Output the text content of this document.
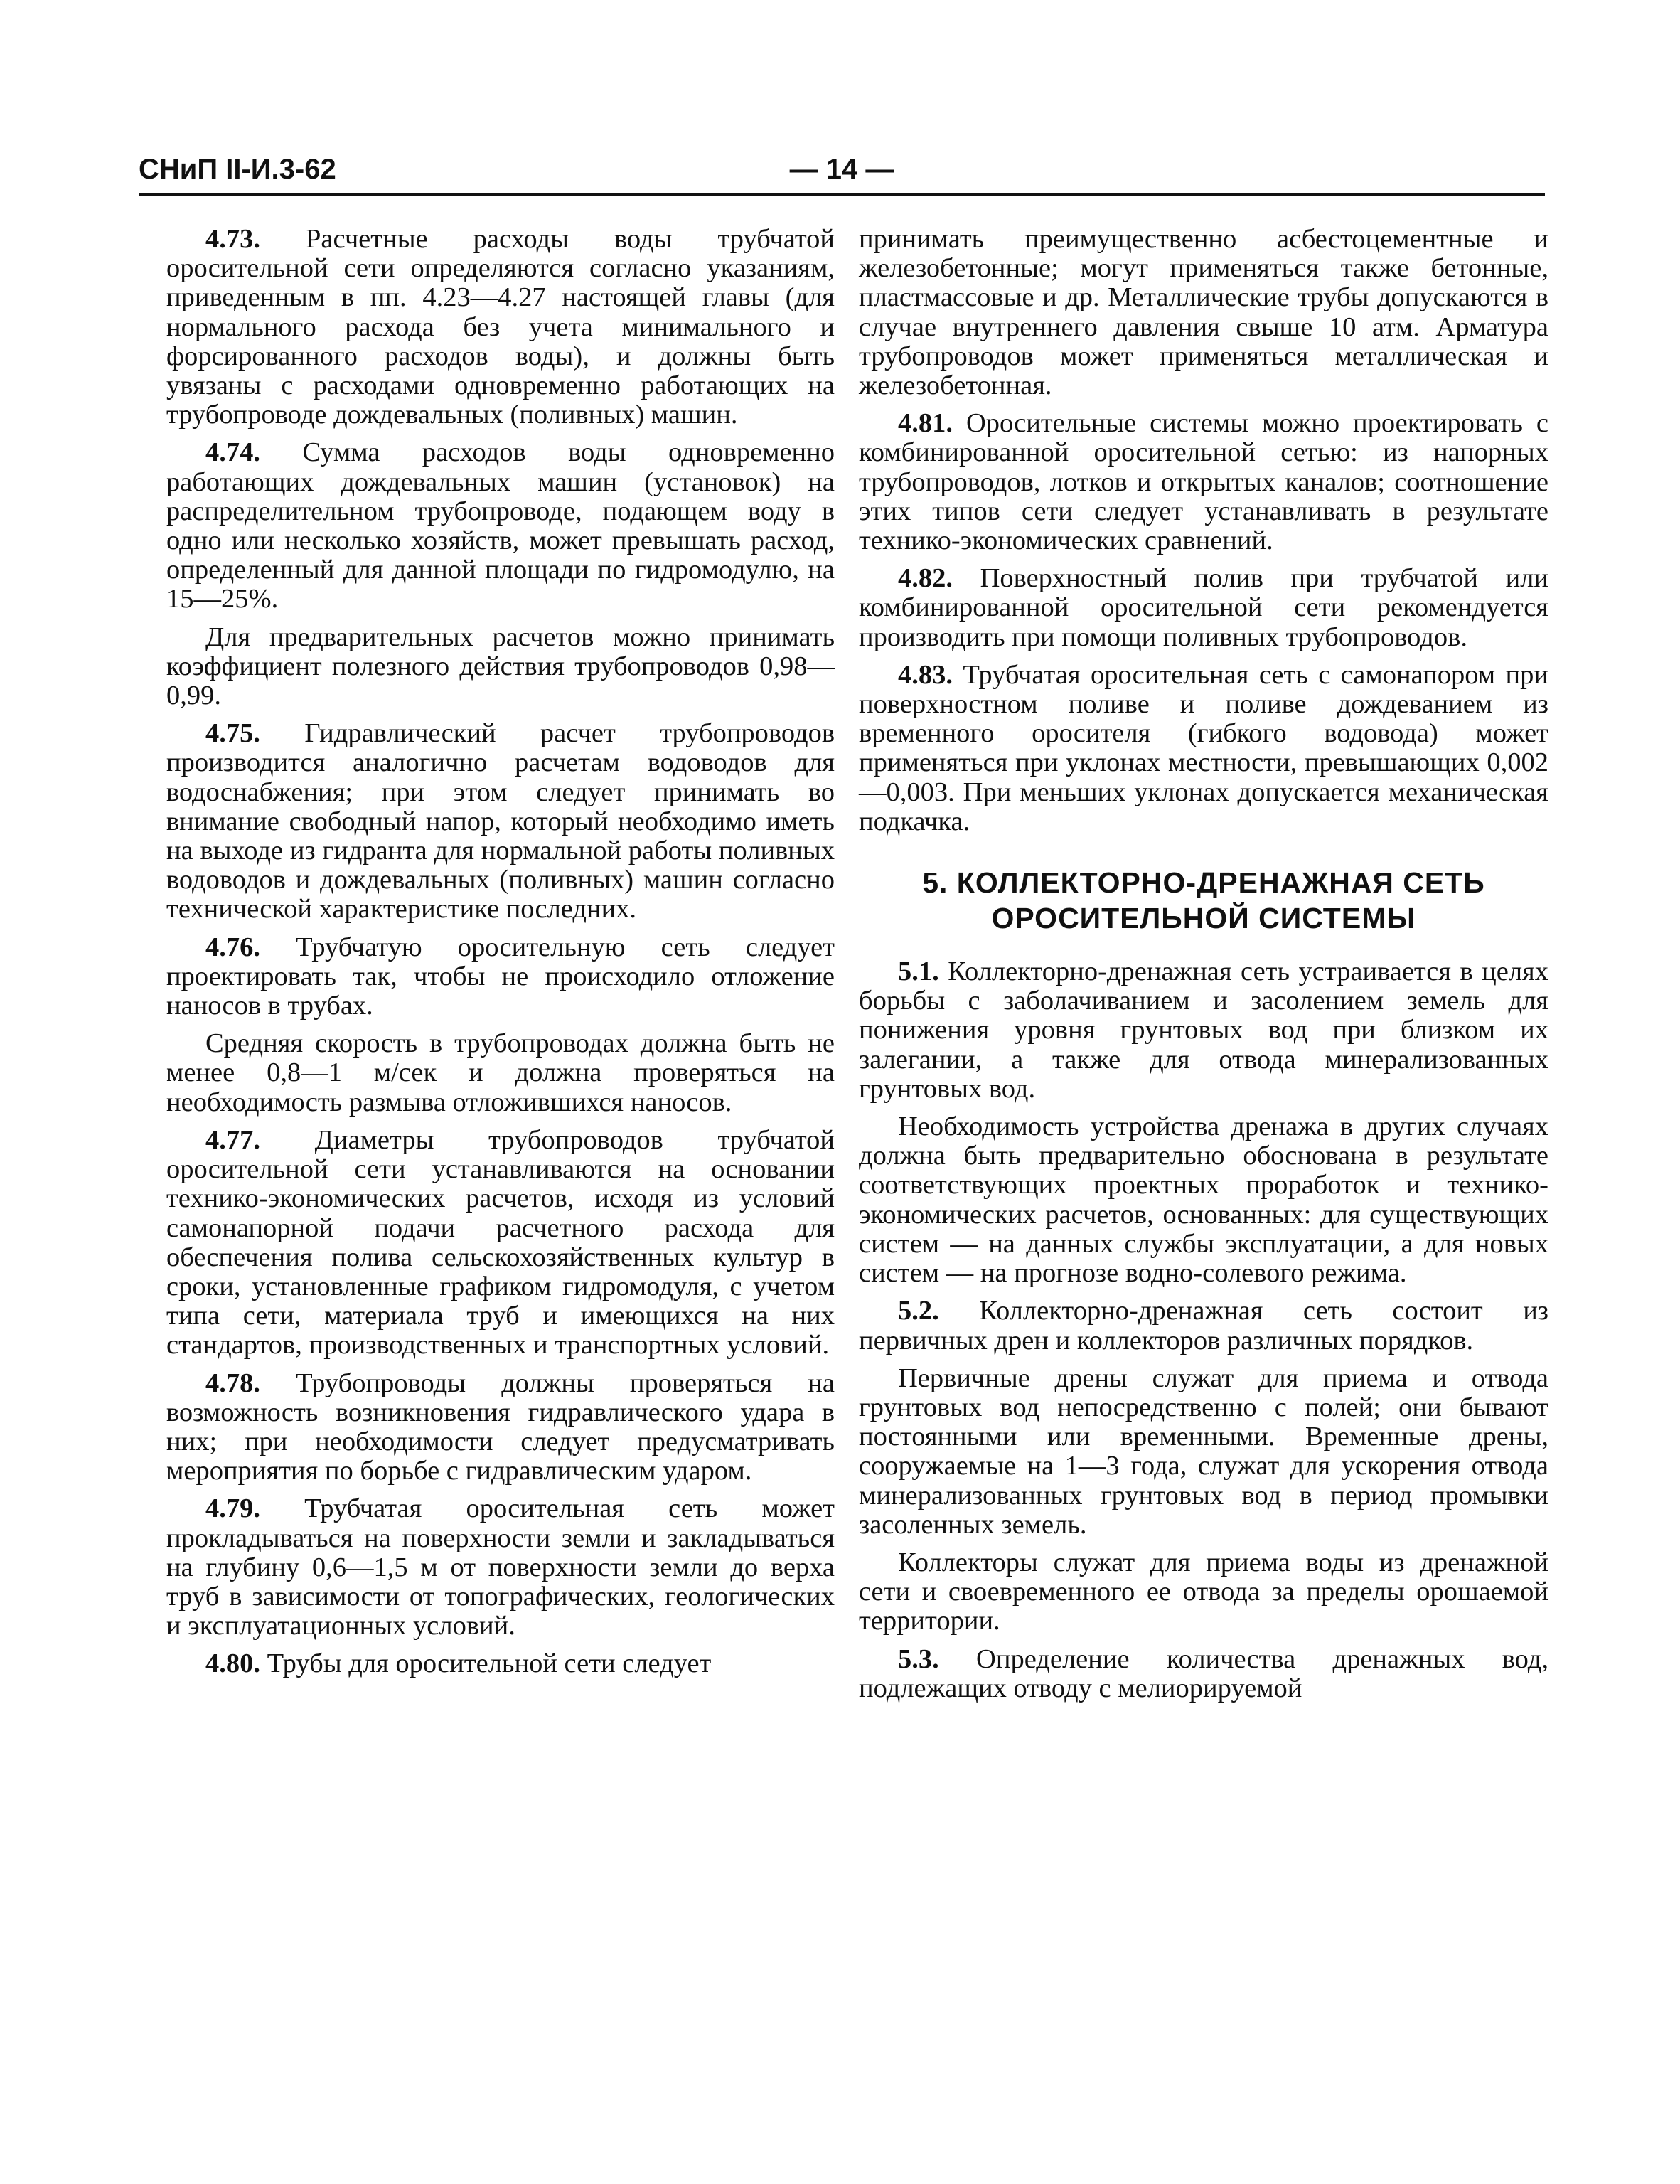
СНиП II-И.3-62	— 14 —

4.73. Расчетные расходы воды трубчатой оросительной сети определяются согласно указаниям, приведенным в пп. 4.23—4.27 настоящей главы (для нормального расхода без учета минимального и форсированного расходов воды), и должны быть увязаны с расходами одновременно работающих на трубопроводе дождевальных (поливных) машин.

4.74. Сумма расходов воды одновременно работающих дождевальных машин (установок) на распределительном трубопроводе, подающем воду в одно или несколько хозяйств, может превышать расход, определенный для данной площади по гидромодулю, на 15—25%.

Для предварительных расчетов можно принимать коэффициент полезного действия трубопроводов 0,98—0,99.

4.75. Гидравлический расчет трубопроводов производится аналогично расчетам водоводов для водоснабжения; при этом следует принимать во внимание свободный напор, который необходимо иметь на выходе из гидранта для нормальной работы поливных водоводов и дождевальных (поливных) машин согласно технической характеристике последних.

4.76. Трубчатую оросительную сеть следует проектировать так, чтобы не происходило отложение наносов в трубах.

Средняя скорость в трубопроводах должна быть не менее 0,8—1 м/сек и должна проверяться на необходимость размыва отложившихся наносов.

4.77. Диаметры трубопроводов трубчатой оросительной сети устанавливаются на основании технико-экономических расчетов, исходя из условий самонапорной подачи расчетного расхода для обеспечения полива сельскохозяйственных культур в сроки, установленные графиком гидромодуля, с учетом типа сети, материала труб и имеющихся на них стандартов, производственных и транспортных условий.

4.78. Трубопроводы должны проверяться на возможность возникновения гидравлического удара в них; при необходимости следует предусматривать мероприятия по борьбе с гидравлическим ударом.

4.79. Трубчатая оросительная сеть может прокладываться на поверхности земли и закладываться на глубину 0,6—1,5 м от поверхности земли до верха труб в зависимости от топографических, геологических и эксплуатационных условий.

4.80. Трубы для оросительной сети следует

принимать преимущественно асбестоцементные и железобетонные; могут применяться также бетонные, пластмассовые и др. Металлические трубы допускаются в случае внутреннего давления свыше 10 атм. Арматура трубопроводов может применяться металлическая и железобетонная.

4.81. Оросительные системы можно проектировать с комбинированной оросительной сетью: из напорных трубопроводов, лотков и открытых каналов; соотношение этих типов сети следует устанавливать в результате технико-экономических сравнений.

4.82. Поверхностный полив при трубчатой или комбинированной оросительной сети рекомендуется производить при помощи поливных трубопроводов.

4.83. Трубчатая оросительная сеть с самонапором при поверхностном поливе и поливе дождеванием из временного оросителя (гибкого водовода) может применяться при уклонах местности, превышающих 0,002—0,003. При меньших уклонах допускается механическая подкачка.

5. КОЛЛЕКТОРНО-ДРЕНАЖНАЯ СЕТЬ
ОРОСИТЕЛЬНОЙ СИСТЕМЫ

5.1. Коллекторно-дренажная сеть устраивается в целях борьбы с заболачиванием и засолением земель для понижения уровня грунтовых вод при близком их залегании, а также для отвода минерализованных грунтовых вод.

Необходимость устройства дренажа в других случаях должна быть предварительно обоснована в результате соответствующих проектных проработок и технико-экономических расчетов, основанных: для существующих систем — на данных службы эксплуатации, а для новых систем — на прогнозе водно-солевого режима.

5.2. Коллекторно-дренажная сеть состоит из первичных дрен и коллекторов различных порядков.

Первичные дрены служат для приема и отвода грунтовых вод непосредственно с полей; они бывают постоянными или временными. Временные дрены, сооружаемые на 1—3 года, служат для ускорения отвода минерализованных грунтовых вод в период промывки засоленных земель.

Коллекторы служат для приема воды из дренажной сети и своевременного ее отвода за пределы орошаемой территории.

5.3. Определение количества дренажных вод, подлежащих отводу с мелиорируемой
